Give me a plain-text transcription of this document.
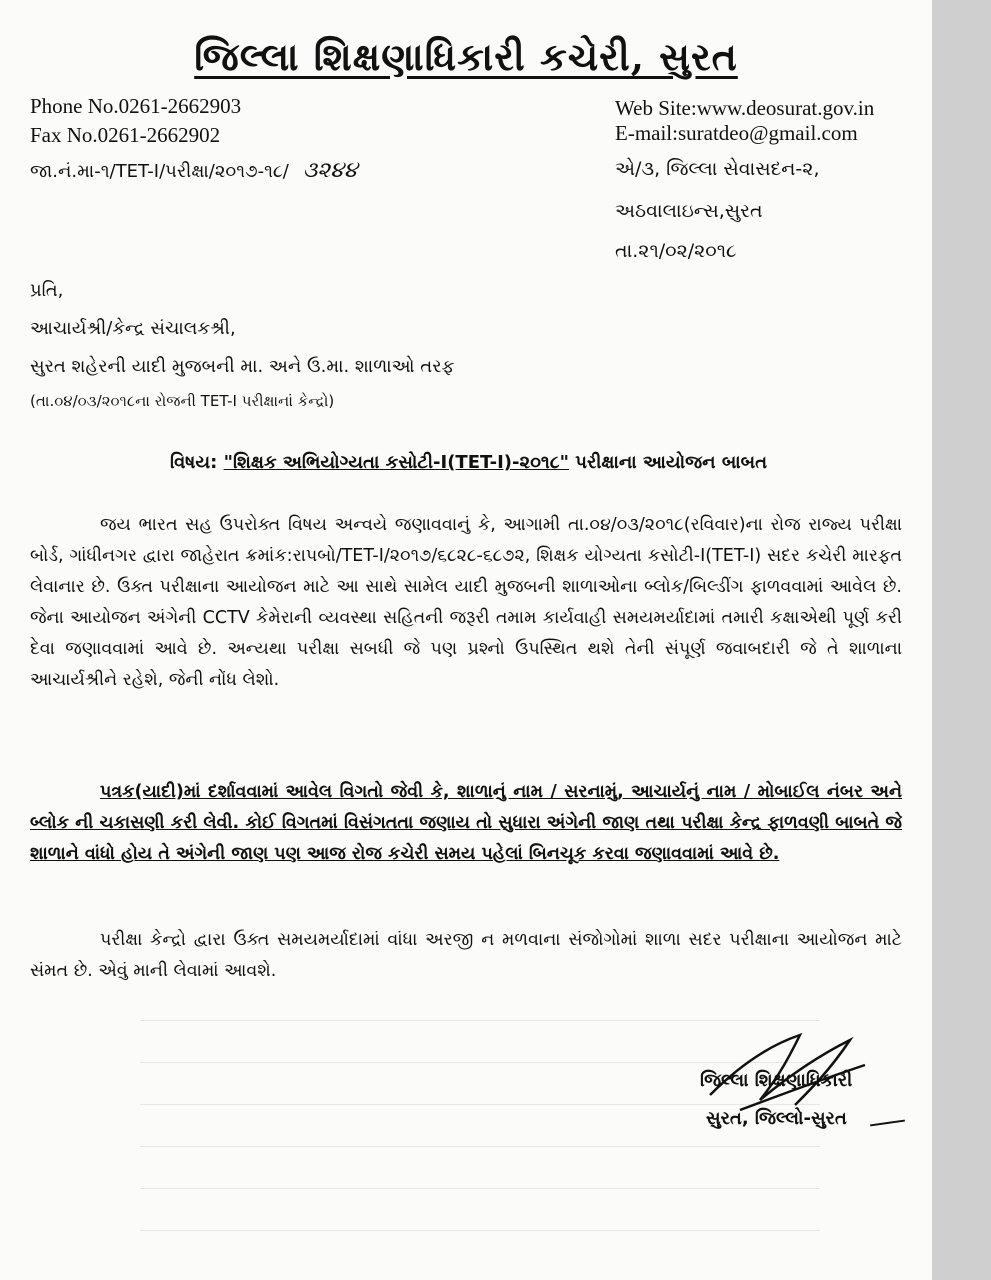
જિલ્લા શિક્ષણાધિકારી કચેરી, સુરત
Phone No.0261-2662903
Fax No.0261-2662902
Web Site:www.deosurat.gov.in
E-mail:suratdeo@gmail.com
જા.નં.મા-૧/TET-I/પરીક્ષા/૨૦૧૭-૧૮/ ૩૨૪૪	એ/૩, જિલ્લા સેવાસદન-૨,
અઠવાલાઇન્સ,સુરત
તા.૨૧/૦૨/૨૦૧૮
પ્રતિ,
આચાર્યશ્રી/કેન્દ્ર સંચાલકશ્રી,
સુરત શહેરની યાદી મુજબની મા. અને ઉ.મા. શાળાઓ તરફ
(તા.૦૪/૦૩/૨૦૧૮ના રોજની TET-I પરીક્ષાનાં કેન્દ્રો)
વિષય: "શિક્ષક અભિયોગ્યતા કસોટી-I(TET-I)-૨૦૧૮" પરીક્ષાના આયોજન બાબત
જય ભારત સહ ઉપરોક્ત વિષય અન્વયે જણાવવાનું કે, આગામી તા.૦૪/૦૩/૨૦૧૮(રવિવાર)ના રોજ રાજ્ય પરીક્ષા બોર્ડ, ગાંધીનગર દ્વારા જાહેરાત ક્રમાંક:રાપબો/TET-I/૨૦૧૭/૬૮૨૮-૬૮૭૨, શિક્ષક યોગ્યતા કસોટી-I(TET-I) સદર કચેરી મારફત લેવાનાર છે. ઉક્ત પરીક્ષાના આયોજન માટે આ સાથે સામેલ યાદી મુજબની શાળાઓના બ્લોક/બિલ્ડીંગ ફાળવવામાં આવેલ છે. જેના આયોજન અંગેની CCTV કેમેરાની વ્યવસ્થા સહિતની જરૂરી તમામ કાર્યવાહી સમયમર્યાદામાં તમારી કક્ષાએથી પૂર્ણ કરી દેવા જણાવવામાં આવે છે. અન્યથા પરીક્ષા સબધી જે પણ પ્રશ્નો ઉપસ્થિત થશે તેની સંપૂર્ણ જવાબદારી જે તે શાળાના આચાર્યશ્રીને રહેશે, જેની નોંધ લેશો.
પત્રક(યાદી)માં દર્શાવવામાં આવેલ વિગતો જેવી કે, શાળાનું નામ / સરનામું, આચાર્યનું નામ / મોબાઈલ નંબર અને બ્લોક ની ચકાસણી કરી લેવી. કોઈ વિગતમાં વિસંગતતા જણાય તો સુધારા અંગેની જાણ તથા પરીક્ષા કેન્દ્ર ફાળવણી બાબતે જે શાળાને વાંધો હોય તે અંગેની જાણ પણ આજ રોજ કચેરી સમય પહેલાં બિનચૂક કરવા જણાવવામાં આવે છે.
પરીક્ષા કેન્દ્રો દ્વારા ઉક્ત સમયમર્યાદામાં વાંધા અરજી ન મળવાના સંજોગોમાં શાળા સદર પરીક્ષાના આયોજન માટે સંમત છે. એવું માની લેવામાં આવશે.
જિલ્લા શિક્ષણાધિકારી
સુરત, જિલ્લો-સુરત
